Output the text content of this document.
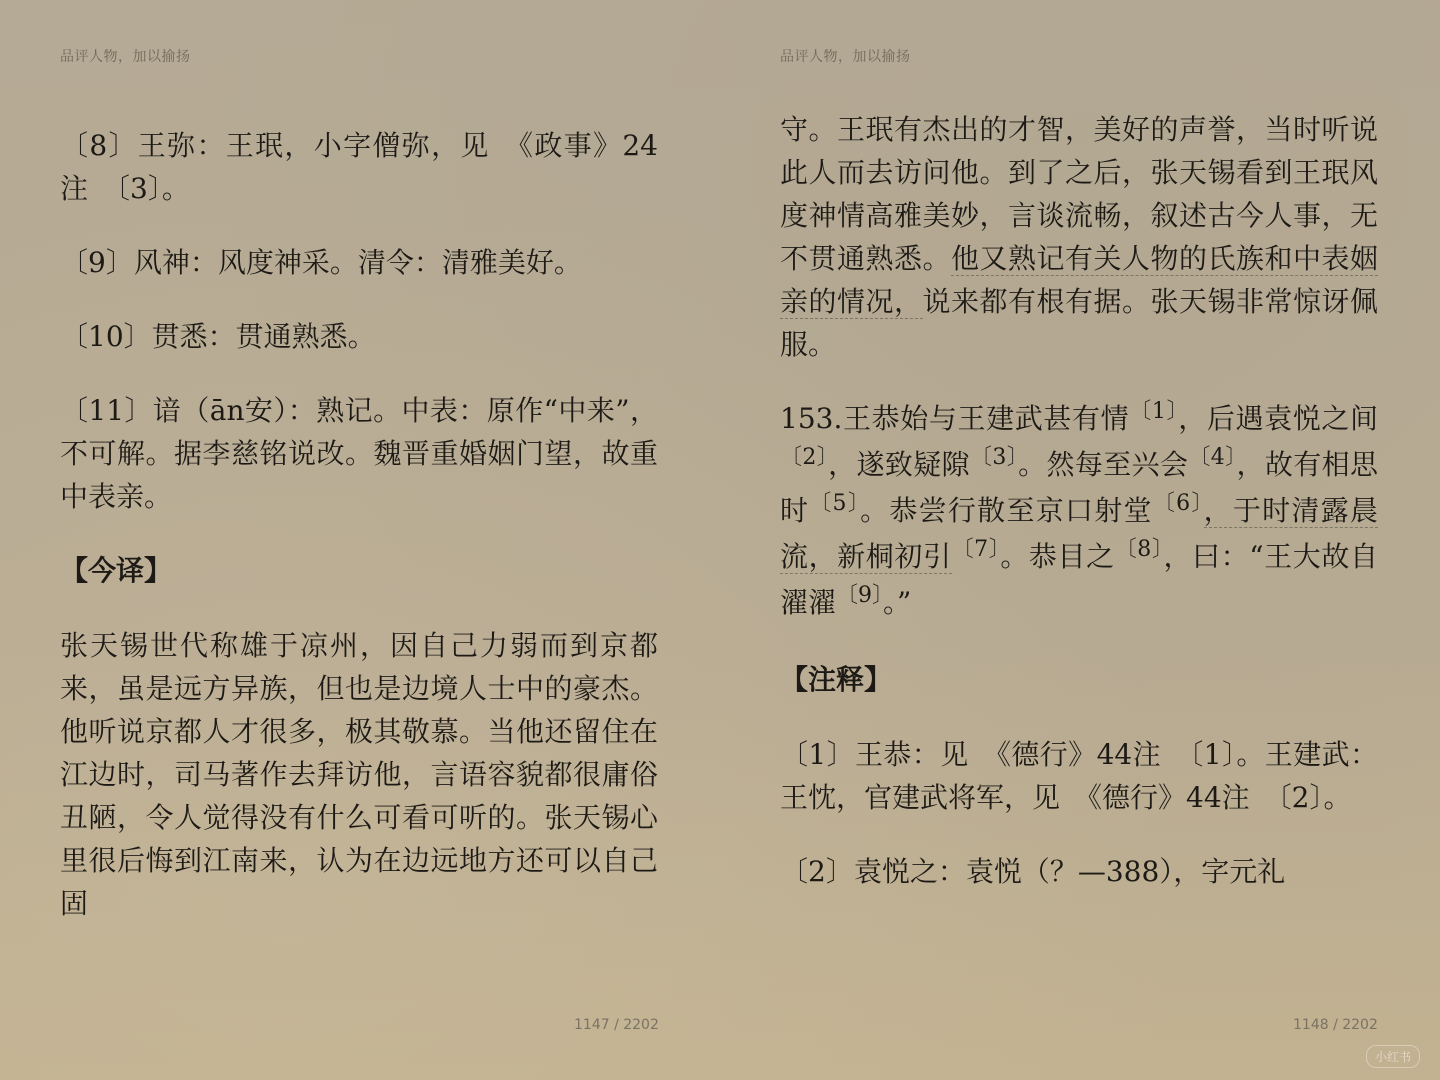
品评人物，加以揄扬

〔8〕王弥：王珉，小字僧弥，见　《政事》24注　〔3〕。

〔9〕风神：风度神采。清令：清雅美好。

〔10〕贯悉：贯通熟悉。

〔11〕谙（ān安）：熟记。中表：原作“中来”，不可解。据李慈铭说改。魏晋重婚姻门望，故重中表亲。

【今译】

张天锡世代称雄于凉州，因自己力弱而到京都来，虽是远方异族，但也是边境人士中的豪杰。他听说京都人才很多，极其敬慕。当他还留住在江边时，司马著作去拜访他，言语容貌都很庸俗丑陋，令人觉得没有什么可看可听的。张天锡心里很后悔到江南来，认为在边远地方还可以自己固

1147 / 2202
品评人物，加以揄扬

守。王珉有杰出的才智，美好的声誉，当时听说此人而去访问他。到了之后，张天锡看到王珉风度神情高雅美妙，言谈流畅，叙述古今人事，无不贯通熟悉。他又熟记有关人物的氏族和中表姻亲的情况，说来都有根有据。张天锡非常惊讶佩服。

153.王恭始与王建武甚有情$^{〔1〕}$，后遇袁悦之间$^{〔2〕}$，遂致疑隙$^{〔3〕}$。然每至兴会$^{〔4〕}$，故有相思时$^{〔5〕}$。恭尝行散至京口射堂$^{〔6〕}$，于时清露晨流，新桐初引$^{〔7〕}$。恭目之$^{〔8〕}$，曰：“王大故自濯濯$^{〔9〕}$。”

【注释】

〔1〕王恭：见　《德行》44注　〔1〕。王建武：王忱，官建武将军，见　《德行》44注　〔2〕。

〔2〕袁悦之：袁悦（？—388），字元礼

1148 / 2202
小红书
